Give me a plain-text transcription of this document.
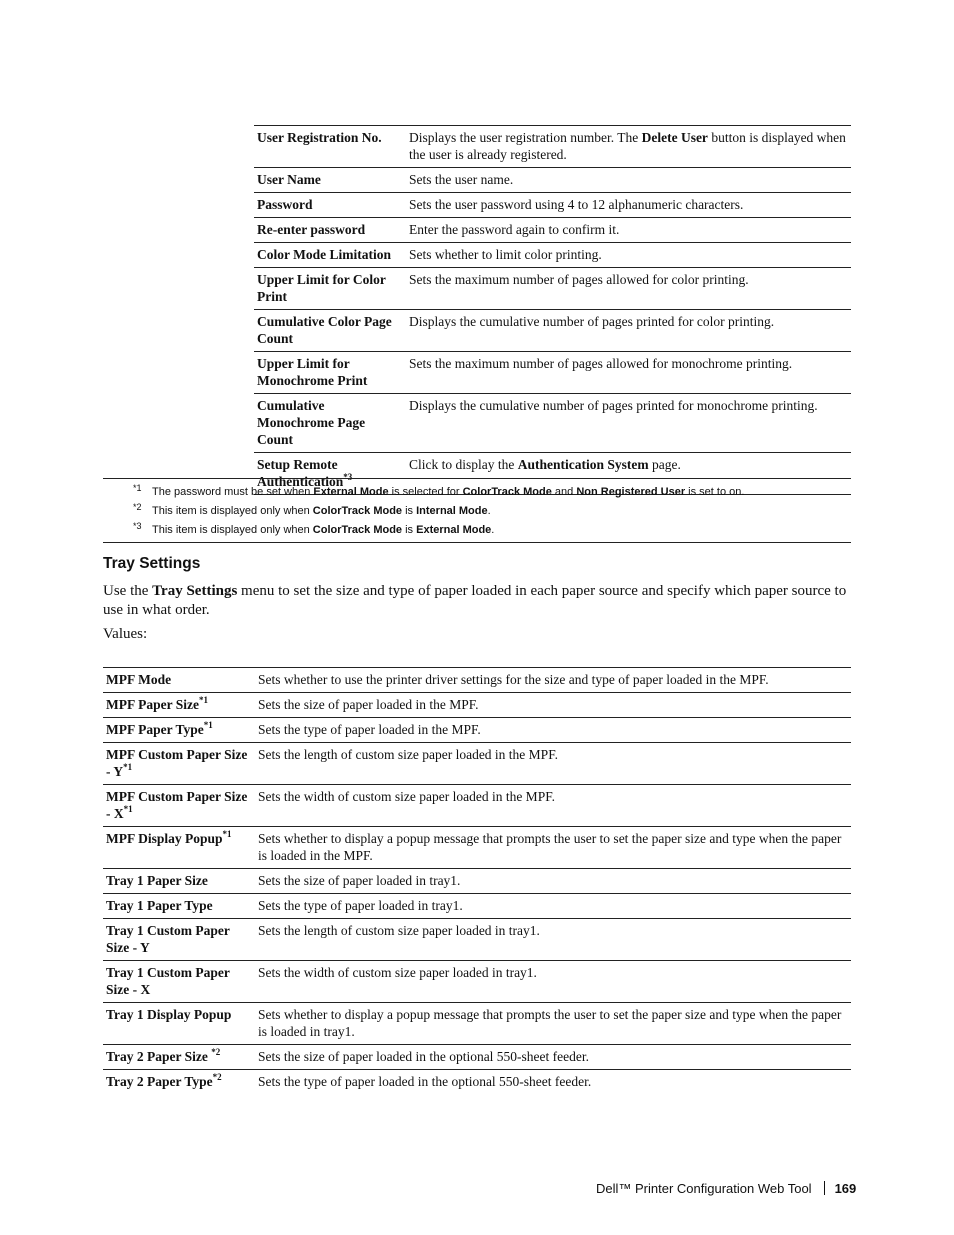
User Registration No.	Displays the user registration number. The Delete User button is displayed when the user is already registered.
User Name	Sets the user name.
Password	Sets the user password using 4 to 12 alphanumeric characters.
Re-enter password	Enter the password again to confirm it.
Color Mode Limitation	Sets whether to limit color printing.
Upper Limit for Color Print	Sets the maximum number of pages allowed for color printing.
Cumulative Color Page Count	Displays the cumulative number of pages printed for color printing.
Upper Limit for Monochrome Print	Sets the maximum number of pages allowed for monochrome printing.
Cumulative Monochrome Page Count	Displays the cumulative number of pages printed for monochrome printing.
Setup Remote Authentication$^{*3}$	Click to display the Authentication System page.
*1 The password must be set when External Mode is selected for ColorTrack Mode and Non Registered User is set to on.
*2 This item is displayed only when ColorTrack Mode is Internal Mode.
*3 This item is displayed only when ColorTrack Mode is External Mode.
Tray Settings
Use the Tray Settings menu to set the size and type of paper loaded in each paper source and specify which paper source to use in what order.
Values:
MPF Mode	Sets whether to use the printer driver settings for the size and type of paper loaded in the MPF.
MPF Paper Size$^{*1}$	Sets the size of paper loaded in the MPF.
MPF Paper Type$^{*1}$	Sets the type of paper loaded in the MPF.
MPF Custom Paper Size - $Y^{*1}$	Sets the length of custom size paper loaded in the MPF.
MPF Custom Paper Size - $X^{*1}$	Sets the width of custom size paper loaded in the MPF.
MPF Display Popup$^{*1}$	Sets whether to display a popup message that prompts the user to set the paper size and type when the paper is loaded in the MPF.
Tray 1 Paper Size	Sets the size of paper loaded in tray1.
Tray 1 Paper Type	Sets the type of paper loaded in tray1.
Tray 1 Custom Paper Size - Y	Sets the length of custom size paper loaded in tray1.
Tray 1 Custom Paper Size - X	Sets the width of custom size paper loaded in tray1.
Tray 1 Display Popup	Sets whether to display a popup message that prompts the user to set the paper size and type when the paper is loaded in tray1.
Tray 2 Paper Size $^{*2}$	Sets the size of paper loaded in the optional 550-sheet feeder.
Tray 2 Paper Type$^{*2}$	Sets the type of paper loaded in the optional 550-sheet feeder.
Dell™ Printer Configuration Web Tool 169
